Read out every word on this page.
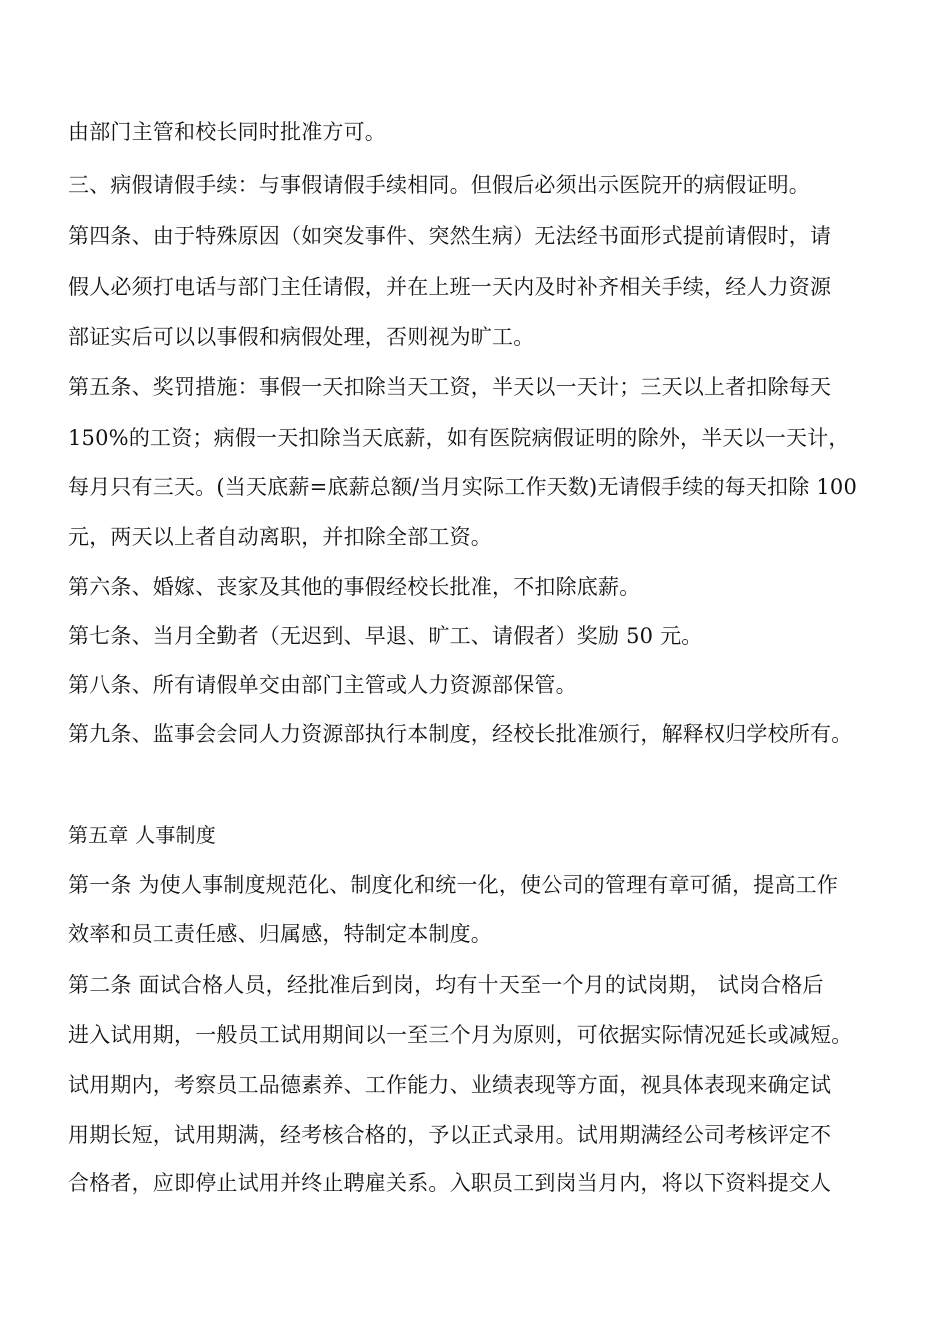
由部门主管和校长同时批准方可。
三、病假请假手续：与事假请假手续相同。但假后必须出示医院开的病假证明。
第四条、由于特殊原因（如突发事件、突然生病）无法经书面形式提前请假时，请
假人必须打电话与部门主任请假，并在上班一天内及时补齐相关手续，经人力资源
部证实后可以以事假和病假处理，否则视为旷工。
第五条、奖罚措施：事假一天扣除当天工资，半天以一天计；三天以上者扣除每天
150%的工资；病假一天扣除当天底薪，如有医院病假证明的除外，半天以一天计，
每月只有三天。(当天底薪=底薪总额/当月实际工作天数)无请假手续的每天扣除 100
元，两天以上者自动离职，并扣除全部工资。
第六条、婚嫁、丧家及其他的事假经校长批准，不扣除底薪。
第七条、当月全勤者（无迟到、早退、旷工、请假者）奖励 50 元。
第八条、所有请假单交由部门主管或人力资源部保管。
第九条、监事会会同人力资源部执行本制度，经校长批准颁行，解释权归学校所有。
第五章 人事制度
第一条 为使人事制度规范化、制度化和统一化，使公司的管理有章可循，提高工作
效率和员工责任感、归属感，特制定本制度。
第二条 面试合格人员，经批准后到岗，均有十天至一个月的试岗期， 试岗合格后
进入试用期，一般员工试用期间以一至三个月为原则，可依据实际情况延长或减短。
试用期内，考察员工品德素养、工作能力、业绩表现等方面，视具体表现来确定试
用期长短，试用期满，经考核合格的，予以正式录用。试用期满经公司考核评定不
合格者，应即停止试用并终止聘雇关系。入职员工到岗当月内，将以下资料提交人
